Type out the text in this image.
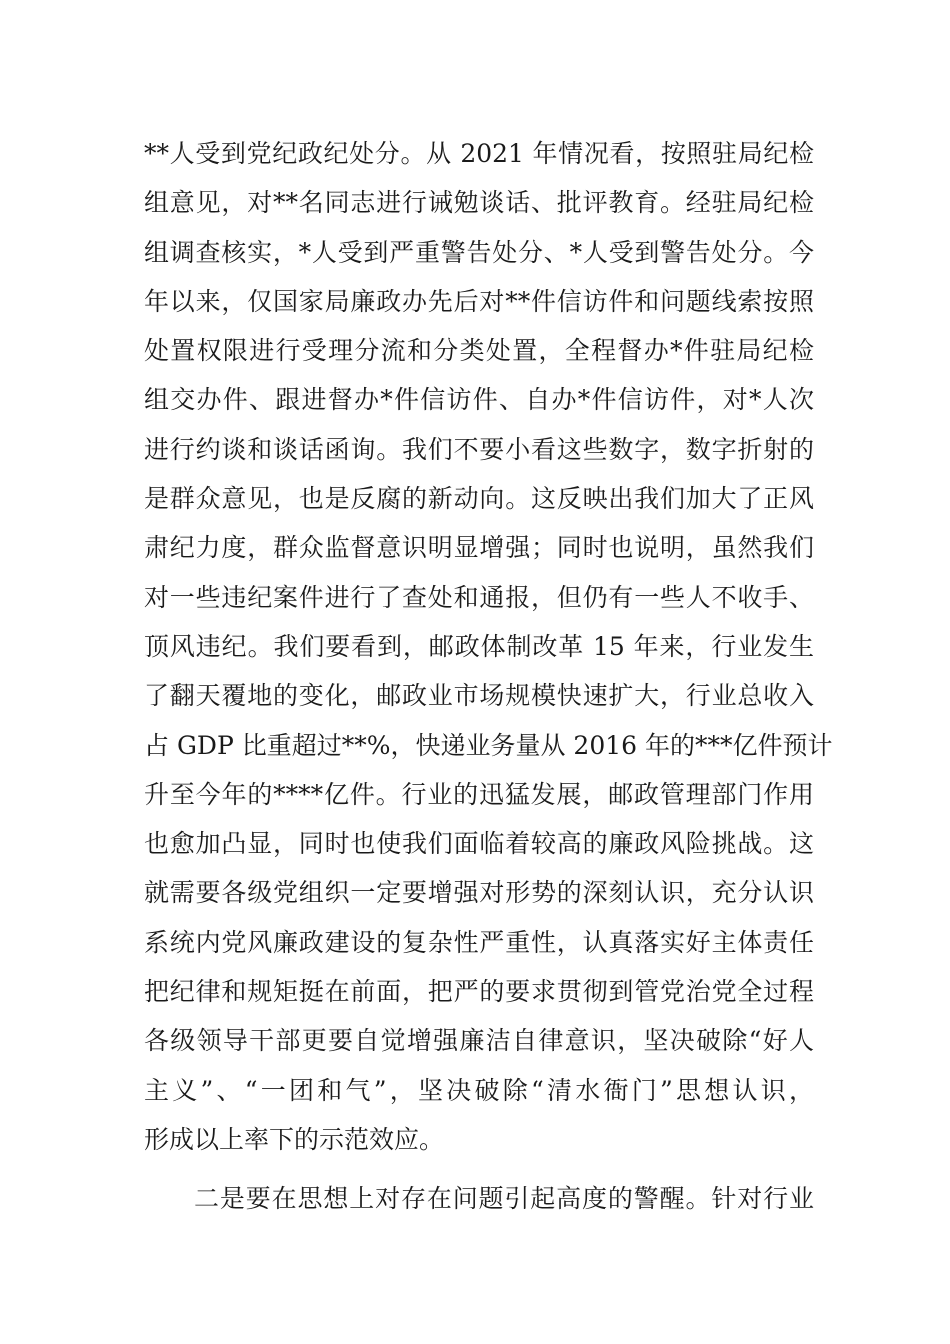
**人受到党纪政纪处分。从 2021 年情况看，按照驻局纪检
组意见，对**名同志进行诫勉谈话、批评教育。经驻局纪检
组调查核实，*人受到严重警告处分、*人受到警告处分。今
年以来，仅国家局廉政办先后对**件信访件和问题线索按照
处置权限进行受理分流和分类处置，全程督办*件驻局纪检
组交办件、跟进督办*件信访件、自办*件信访件，对*人次
进行约谈和谈话函询。我们不要小看这些数字，数字折射的
是群众意见，也是反腐的新动向。这反映出我们加大了正风
肃纪力度，群众监督意识明显增强；同时也说明，虽然我们
对一些违纪案件进行了查处和通报，但仍有一些人不收手、
顶风违纪。我们要看到，邮政体制改革 15 年来，行业发生
了翻天覆地的变化，邮政业市场规模快速扩大，行业总收入
占 GDP 比重超过**%，快递业务量从 2016 年的***亿件预计
升至今年的****亿件。行业的迅猛发展，邮政管理部门作用
也愈加凸显，同时也使我们面临着较高的廉政风险挑战。这
就需要各级党组织一定要增强对形势的深刻认识，充分认识
系统内党风廉政建设的复杂性严重性，认真落实好主体责任
把纪律和规矩挺在前面，把严的要求贯彻到管党治党全过程
各级领导干部更要自觉增强廉洁自律意识，坚决破除“好人
主义”、“一团和气”，坚决破除“清水衙门”思想认识，
形成以上率下的示范效应。
二是要在思想上对存在问题引起高度的警醒。针对行业
